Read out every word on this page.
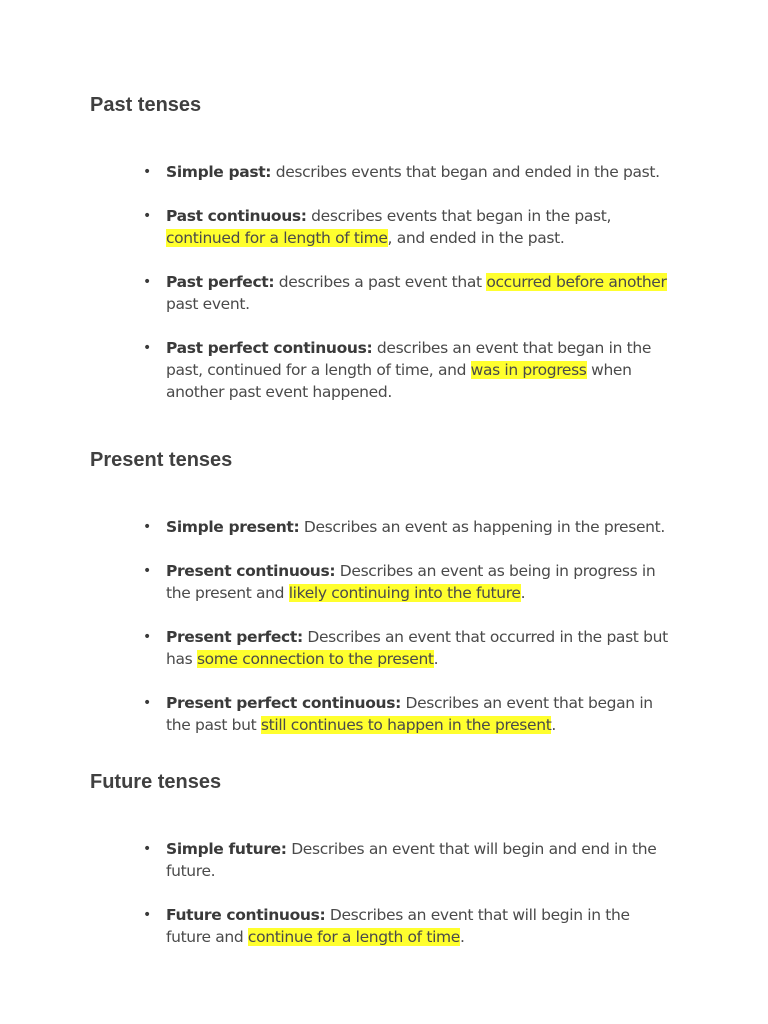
Past tenses
• Simple past: describes events that began and ended in the past.
• Past continuous: describes events that began in the past, continued for a length of time, and ended in the past.
• Past perfect: describes a past event that occurred before another past event.
• Past perfect continuous: describes an event that began in the past, continued for a length of time, and was in progress when another past event happened.
Present tenses
• Simple present: Describes an event as happening in the present.
• Present continuous: Describes an event as being in progress in the present and likely continuing into the future.
• Present perfect: Describes an event that occurred in the past but has some connection to the present.
• Present perfect continuous: Describes an event that began in the past but still continues to happen in the present.
Future tenses
• Simple future: Describes an event that will begin and end in the future.
• Future continuous: Describes an event that will begin in the future and continue for a length of time.
